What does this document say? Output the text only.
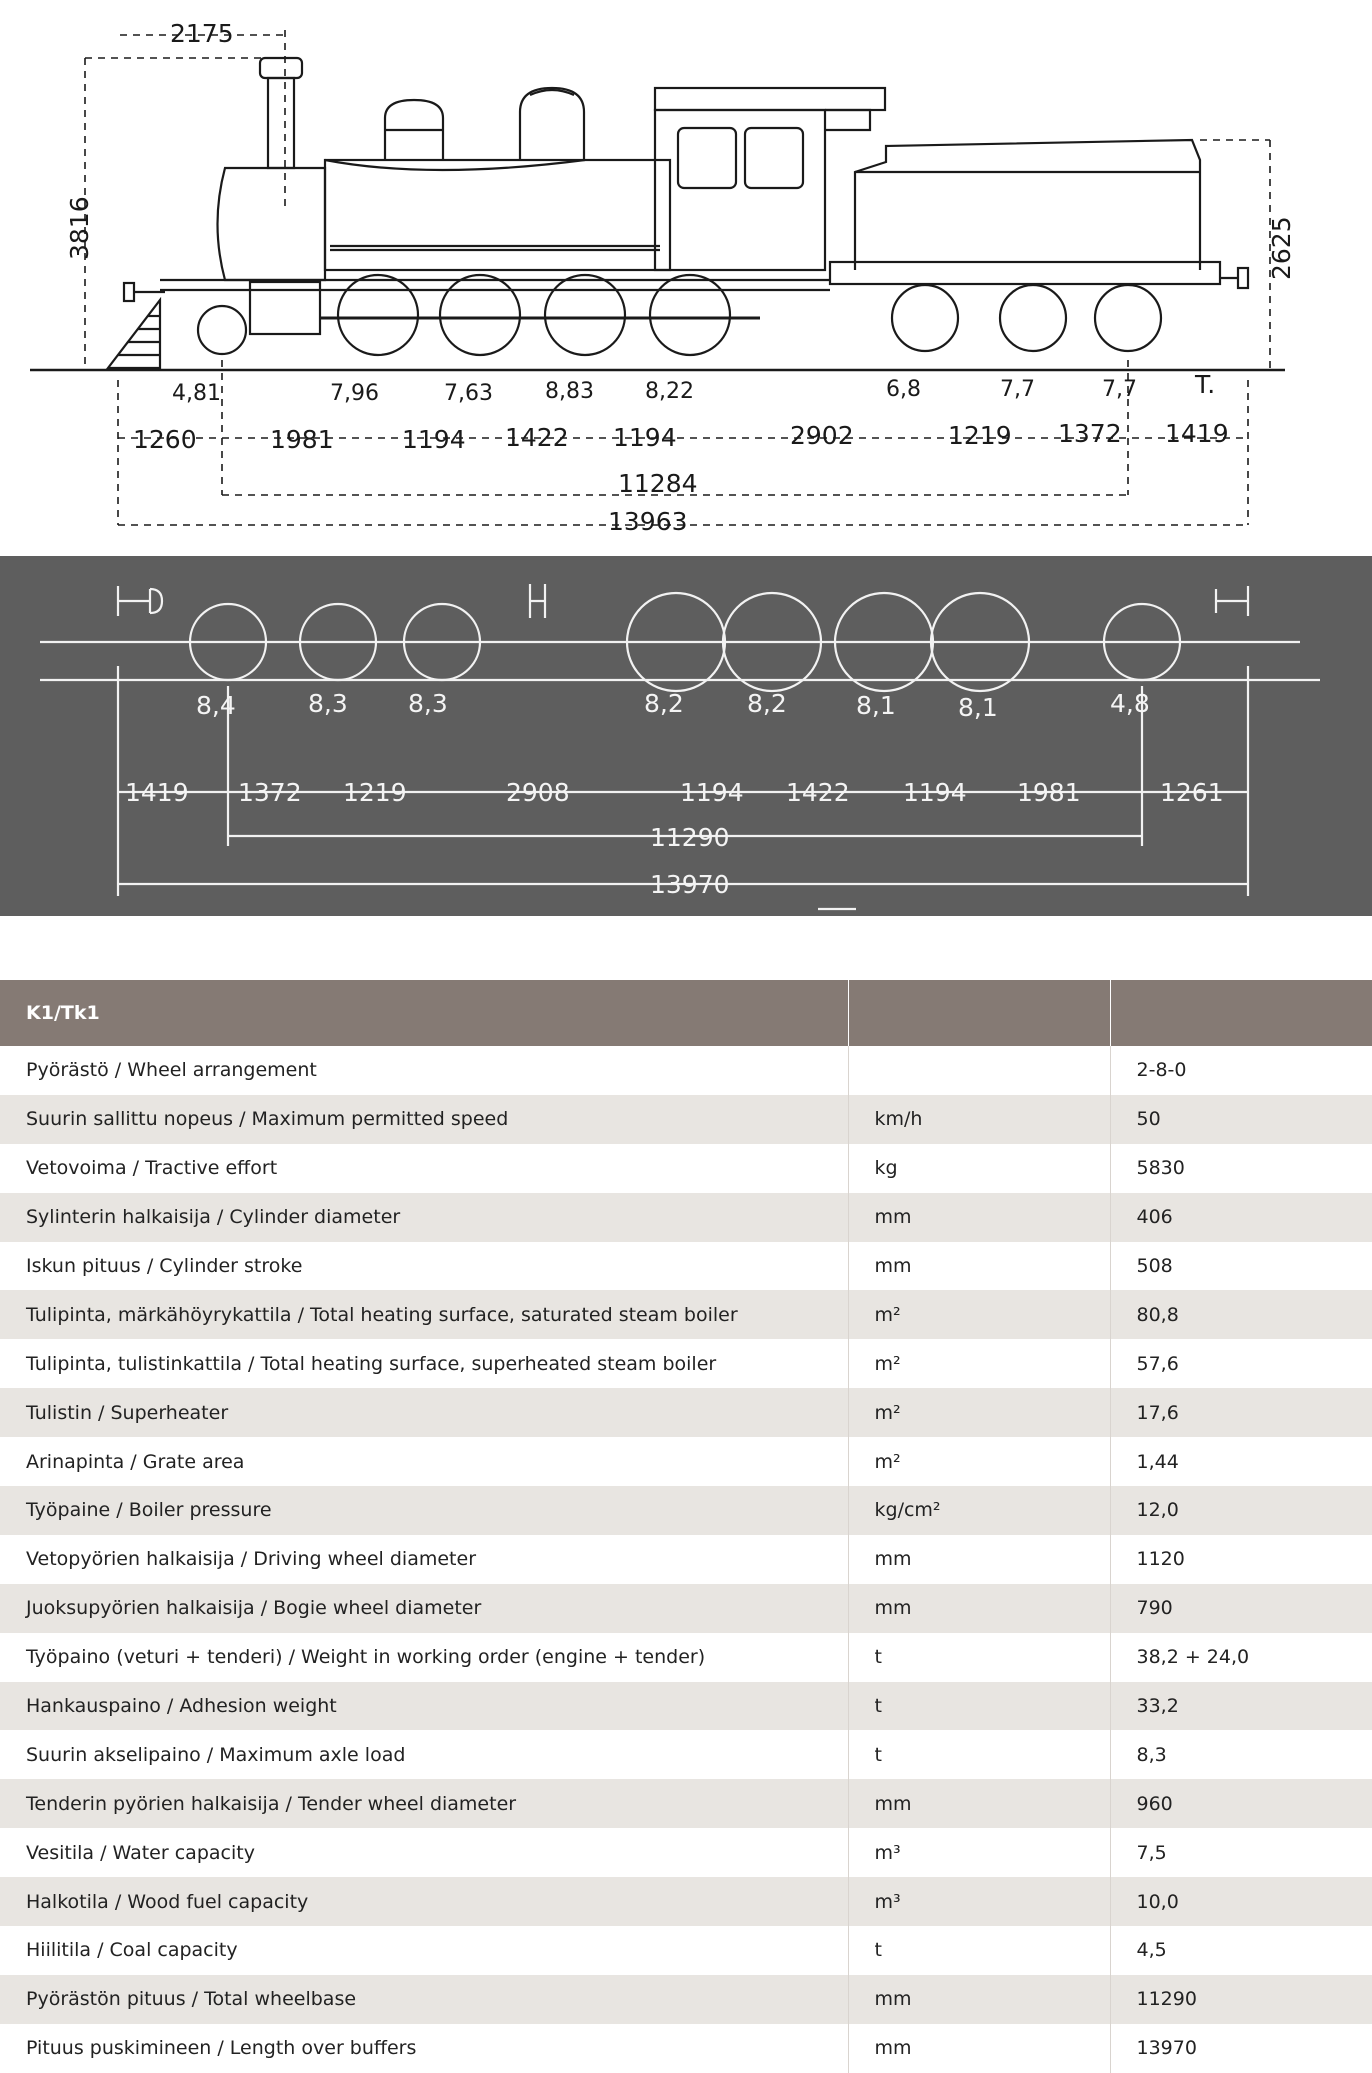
2175
3816	2625
T.
4,81	7,96	7,63 8,83 8,22	6,8	7,7	7,7
1260	1981	1194 1422 1194	2902	1219 1372 1419
11284
13963
8,4	8,3 8,3	8,2	8,2	8,1 8,1	4,8
1419 1372 1219	2908	1194 1422 1194 1981	1261
11290
13970
K1/Tk1		
Pyörästö / Wheel arrangement		2-8-0
Suurin sallittu nopeus / Maximum permitted speed	km/h	50
Vetovoima / Tractive effort	kg	5830
Sylinterin halkaisija / Cylinder diameter	mm	406
Iskun pituus / Cylinder stroke	mm	508
Tulipinta, märkähöyrykattila / Total heating surface, saturated steam boiler	m²	80,8
Tulipinta, tulistinkattila / Total heating surface, superheated steam boiler	m²	57,6
Tulistin / Superheater	m²	17,6
Arinapinta / Grate area	m²	1,44
Työpaine / Boiler pressure	kg/cm²	12,0
Vetopyörien halkaisija / Driving wheel diameter	mm	1120
Juoksupyörien halkaisija / Bogie wheel diameter	mm	790
Työpaino (veturi + tenderi) / Weight in working order (engine + tender)	t	38,2 + 24,0
Hankauspaino / Adhesion weight	t	33,2
Suurin akselipaino / Maximum axle load	t	8,3
Tenderin pyörien halkaisija / Tender wheel diameter	mm	960
Vesitila / Water capacity	m³	7,5
Halkotila / Wood fuel capacity	m³	10,0
Hiilitila / Coal capacity	t	4,5
Pyörästön pituus / Total wheelbase	mm	11290
Pituus puskimineen / Length over buffers	mm	13970
